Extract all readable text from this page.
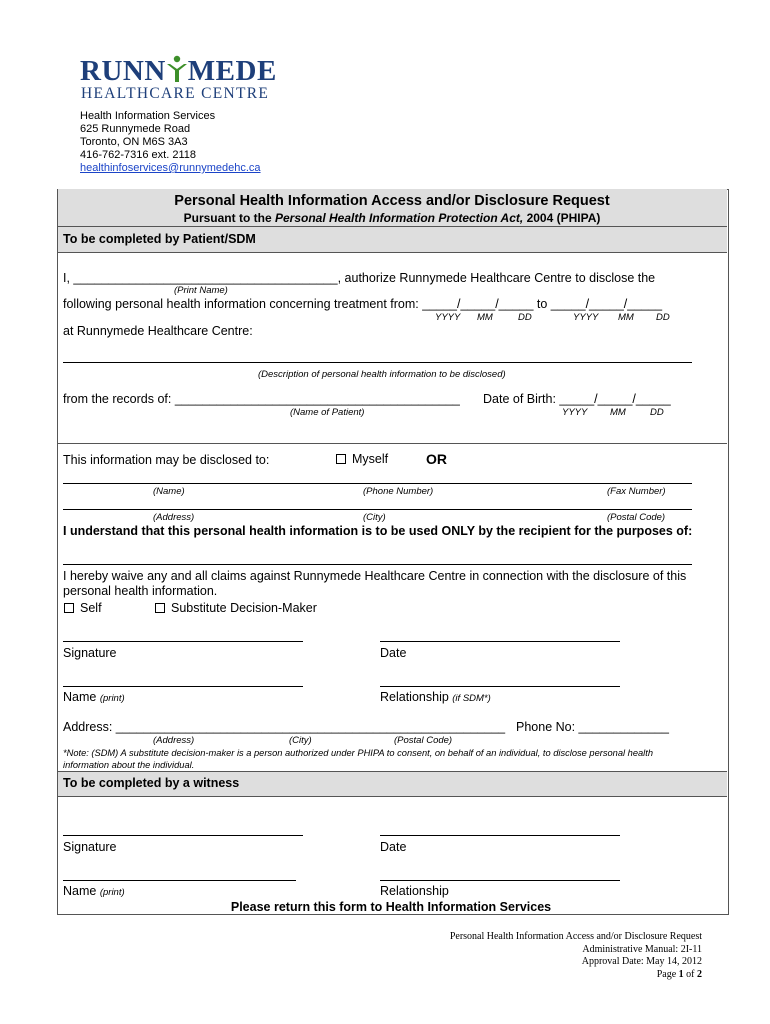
RUNN MEDE
HEALTHCARE CENTRE
Health Information Services
625 Runnymede Road
Toronto, ON M6S 3A3
416-762-7316 ext. 2118
healthinfoservices@runnymedehc.ca
Personal Health Information Access and/or Disclosure Request
Pursuant to the Personal Health Information Protection Act, 2004 (PHIPA)
To be completed by Patient/SDM
I, ______________________________________, authorize Runnymede Healthcare Centre to disclose the
(Print Name)
following personal health information concerning treatment from: _____/_____/_____ to _____/_____/_____
YYYY MM	DD	YYYY MM DD
at Runnymede Healthcare Centre:
(Description of personal health information to be disclosed)
from the records of: _________________________________________
(Name of Patient)
Date of Birth: _____/_____/_____
YYYY MM	DD
This information may be disclosed to:	Myself	OR
(Name)	(Phone Number)	(Fax Number)
(Address)	(City)	(Postal Code)
I understand that this personal health information is to be used ONLY by the recipient for the purposes of:
I hereby waive any and all claims against Runnymede Healthcare Centre in connection with the disclosure of this
personal health information.
Self	Substitute Decision-Maker
Signature	Date
Name (print)	Relationship (if SDM*)
Address: ________________________________________________________ Phone No: _____________
(Address)	(City)	(Postal Code)
*Note: (SDM) A substitute decision-maker is a person authorized under PHIPA to consent, on behalf of an individual, to disclose personal health
information about the individual.
To be completed by a witness
Signature	Date
Name (print)	Relationship
Please return this form to Health Information Services
Personal Health Information Access and/or Disclosure Request
Administrative Manual: 2I-11
Approval Date: May 14, 2012
Page 1 of 2
